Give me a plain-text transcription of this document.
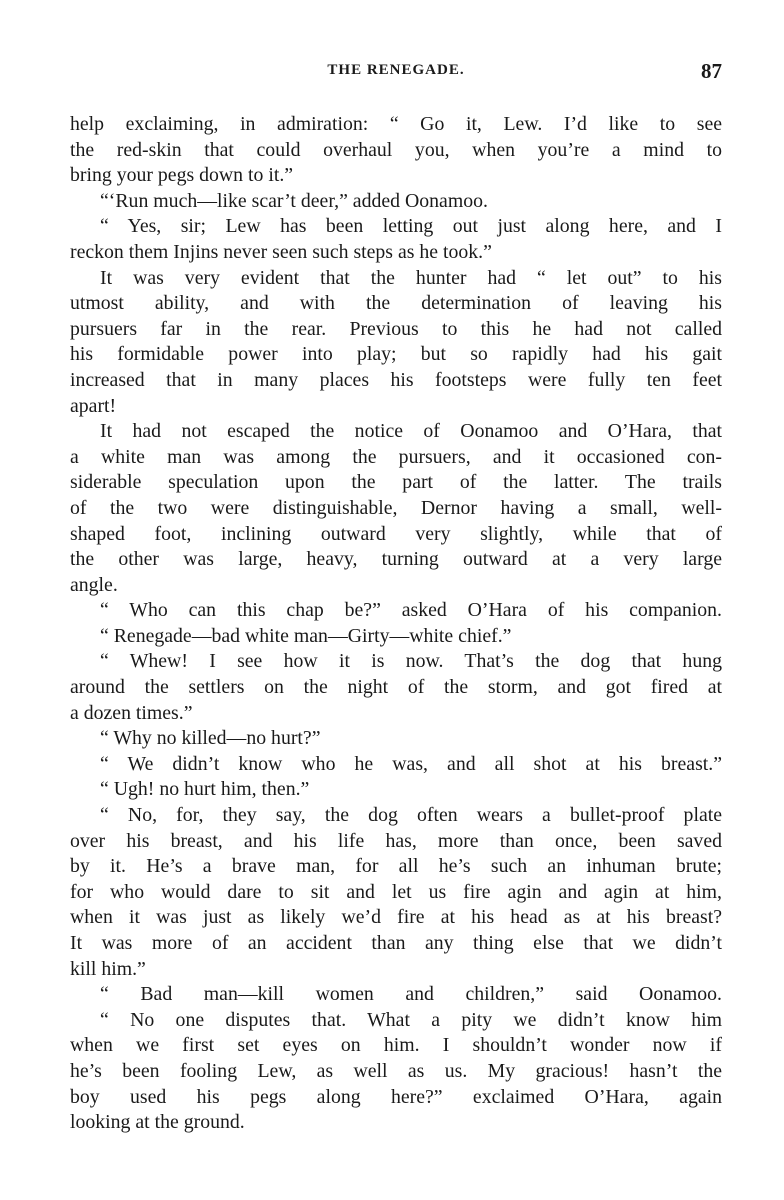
THE RENEGADE.	87
help exclaiming, in admiration: “ Go it, Lew. I’d like to see
the red-skin that could overhaul you, when you’re a mind to
bring your pegs down to it.”
“‘Run much—like scar’t deer,” added Oonamoo.
“ Yes, sir; Lew has been letting out just along here, and I
reckon them Injins never seen such steps as he took.”
It was very evident that the hunter had “ let out” to his
utmost ability, and with the determination of leaving his
pursuers far in the rear. Previous to this he had not called
his formidable power into play; but so rapidly had his gait
increased that in many places his footsteps were fully ten feet
apart!
It had not escaped the notice of Oonamoo and O’Hara, that
a white man was among the pursuers, and it occasioned con-
siderable speculation upon the part of the latter. The trails
of the two were distinguishable, Dernor having a small, well-
shaped foot, inclining outward very slightly, while that of
the other was large, heavy, turning outward at a very large
angle.
“ Who can this chap be?” asked O’Hara of his companion.
“ Renegade—bad white man—Girty—white chief.”
“ Whew! I see how it is now. That’s the dog that hung
around the settlers on the night of the storm, and got fired at
a dozen times.”
“ Why no killed—no hurt?”
“ We didn’t know who he was, and all shot at his breast.”
“ Ugh! no hurt him, then.”
“ No, for, they say, the dog often wears a bullet-proof plate
over his breast, and his life has, more than once, been saved
by it. He’s a brave man, for all he’s such an inhuman brute;
for who would dare to sit and let us fire agin and agin at him,
when it was just as likely we’d fire at his head as at his breast?
It was more of an accident than any thing else that we didn’t
kill him.”
“ Bad man—kill women and children,” said Oonamoo.
“ No one disputes that. What a pity we didn’t know him
when we first set eyes on him. I shouldn’t wonder now if
he’s been fooling Lew, as well as us. My gracious! hasn’t the
boy used his pegs along here?” exclaimed O’Hara, again
looking at the ground.
